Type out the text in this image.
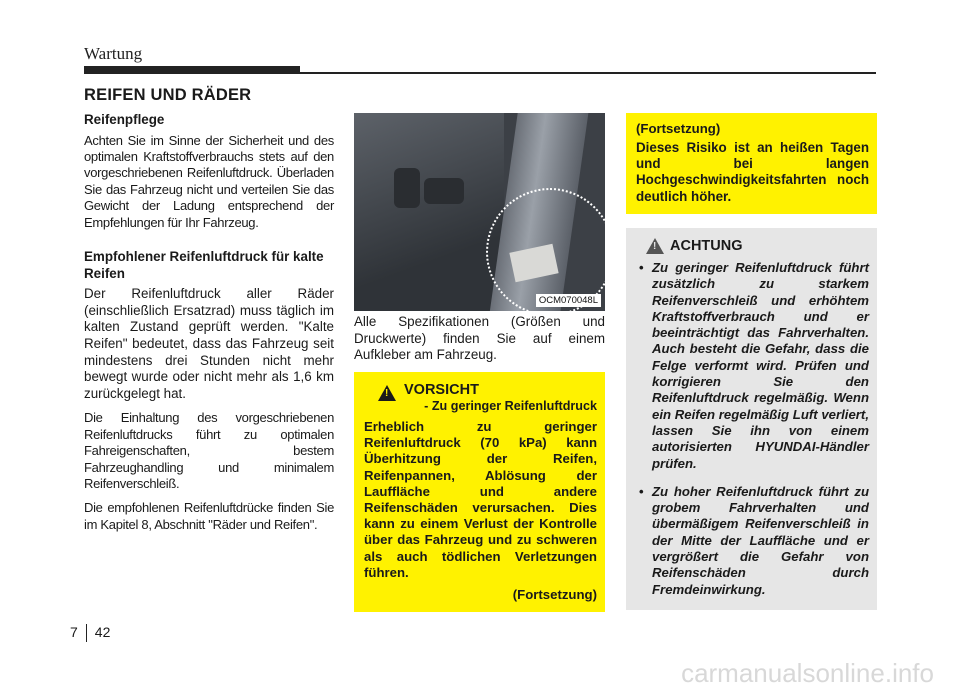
Wartung
REIFEN UND RÄDER
Reifenpflege

Achten Sie im Sinne der Sicherheit und des optimalen Kraftstoffverbrauchs stets auf den vorgeschriebenen Reifenluftdruck. Überladen Sie das Fahrzeug nicht und verteilen Sie das Gewicht der Ladung entsprechend der Empfehlungen für Ihr Fahrzeug.

Empfohlener Reifenluftdruck für kalte Reifen

Der Reifenluftdruck aller Räder (einschließlich Ersatzrad) muss täglich im kalten Zustand geprüft werden. "Kalte Reifen" bedeutet, dass das Fahrzeug seit mindestens drei Stunden nicht mehr bewegt wurde oder nicht mehr als 1,6 km zurückgelegt hat.

Die Einhaltung des vorgeschriebenen Reifenluftdrucks führt zu optimalen Fahreigenschaften, bestem Fahrzeughandling und minimalem Reifenverschleiß.

Die empfohlenen Reifenluftdrücke finden Sie im Kapitel 8, Abschnitt "Räder und Reifen".

OCM070048L
Alle Spezifikationen (Größen und Druckwerte) finden Sie auf einem Aufkleber am Fahrzeug.
!
VORSICHT
- Zu geringer Reifenluftdruck
Erheblich zu geringer Reifenluftdruck (70 kPa) kann Überhitzung der Reifen, Reifenpannen, Ablösung der Lauffläche und andere Reifenschäden verursachen. Dies kann zu einem Verlust der Kontrolle über das Fahrzeug und zu schweren als auch tödlichen Verletzungen führen.
(Fortsetzung)
(Fortsetzung)
Dieses Risiko ist an heißen Tagen und bei langen Hochgeschwindigkeitsfahrten noch deutlich höher.
!
ACHTUNG
• Zu geringer Reifenluftdruck führt zusätzlich zu starkem Reifenverschleiß und erhöhtem Kraftstoffverbrauch und er beeinträchtigt das Fahrverhalten. Auch besteht die Gefahr, dass die Felge verformt wird. Prüfen und korrigieren Sie den Reifenluftdruck regelmäßig. Wenn ein Reifen regelmäßig Luft verliert, lassen Sie ihn von einem autorisierten HYUNDAI-Händler prüfen.
• Zu hoher Reifenluftdruck führt zu grobem Fahrverhalten und übermäßigem Reifenverschleiß in der Mitte der Lauffläche und er vergrößert die Gefahr von Reifenschäden durch Fremdeinwirkung.
7 42
carmanualsonline.info
